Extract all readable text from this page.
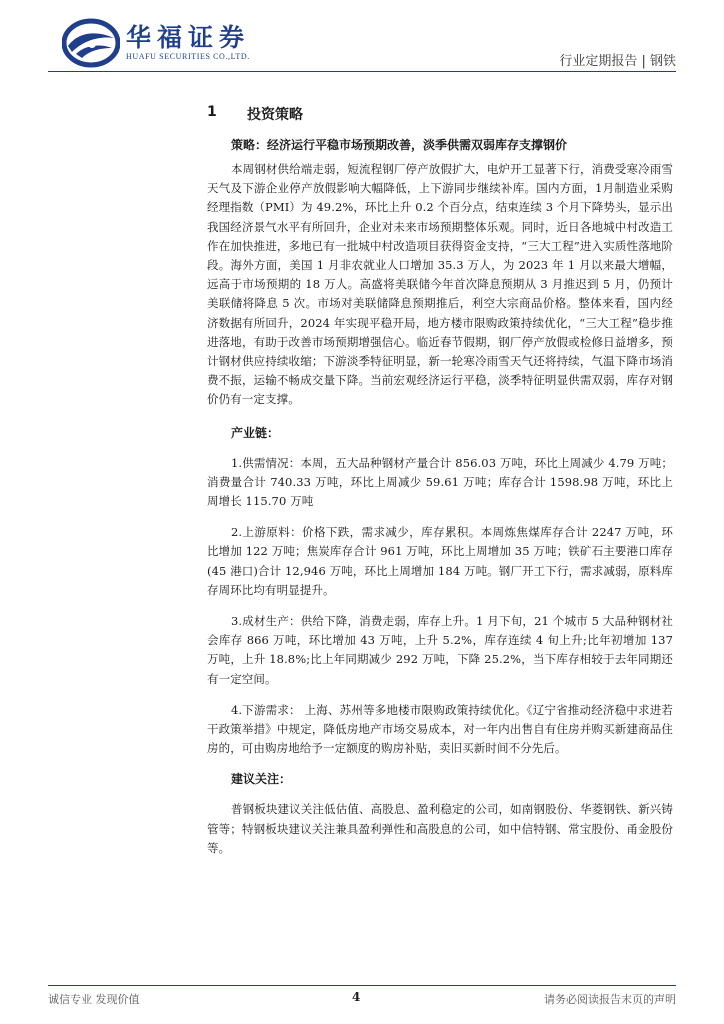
华福证券
HUAFU SECURITIES CO.,LTD.	行业定期报告 | 钢铁
1 投资策略
策略：经济运行平稳市场预期改善，淡季供需双弱库存支撑钢价

本周钢材供给端走弱，短流程钢厂停产放假扩大，电炉开工显著下行，消费受寒冷雨雪天气及下游企业停产放假影响大幅降低，上下游同步继续补库。国内方面，1月制造业采购经理指数（PMI）为 49.2%，环比上升 0.2 个百分点，结束连续 3 个月下降势头，显示出我国经济景气水平有所回升，企业对未来市场预期整体乐观。同时，近日各地城中村改造工作在加快推进，多地已有一批城中村改造项目获得资金支持，“三大工程”进入实质性落地阶段。海外方面，美国 1 月非农就业人口增加 35.3 万人，为 2023 年 1 月以来最大增幅，远高于市场预期的 18 万人。高盛将美联储今年首次降息预期从 3 月推迟到 5 月，仍预计美联储将降息 5 次。市场对美联储降息预期推后，利空大宗商品价格。整体来看，国内经济数据有所回升，2024 年实现平稳开局，地方楼市限购政策持续优化，“三大工程”稳步推进落地，有助于改善市场预期增强信心。临近春节假期，钢厂停产放假或检修日益增多，预计钢材供应持续收缩；下游淡季特征明显，新一轮寒冷雨雪天气还将持续，气温下降市场消费不振，运输不畅成交量下降。当前宏观经济运行平稳，淡季特征明显供需双弱，库存对钢价仍有一定支撑。

产业链：

1.供需情况：本周，五大品种钢材产量合计 856.03 万吨，环比上周减少 4.79 万吨；消费量合计 740.33 万吨，环比上周减少 59.61 万吨；库存合计 1598.98 万吨，环比上周增长 115.70 万吨

2.上游原料：价格下跌，需求减少，库存累积。本周炼焦煤库存合计 2247 万吨，环比增加 122 万吨；焦炭库存合计 961 万吨，环比上周增加 35 万吨；铁矿石主要港口库存(45 港口)合计 12,946 万吨，环比上周增加 184 万吨。钢厂开工下行，需求减弱，原料库存周环比均有明显提升。

3.成材生产：供给下降，消费走弱，库存上升。1 月下旬，21 个城市 5 大品种钢材社会库存 866 万吨，环比增加 43 万吨，上升 5.2%，库存连续 4 旬上升;比年初增加 137 万吨，上升 18.8%;比上年同期减少 292 万吨，下降 25.2%，当下库存相较于去年同期还有一定空间。

4.下游需求： 上海、苏州等多地楼市限购政策持续优化。《辽宁省推动经济稳中求进若干政策举措》中规定，降低房地产市场交易成本，对一年内出售自有住房并购买新建商品住房的，可由购房地给予一定额度的购房补贴，卖旧买新时间不分先后。

建议关注：

普钢板块建议关注低估值、高股息、盈利稳定的公司，如南钢股份、华菱钢铁、新兴铸管等；特钢板块建议关注兼具盈利弹性和高股息的公司，如中信特钢、常宝股份、甬金股份等。

诚信专业 发现价值	4	请务必阅读报告末页的声明
